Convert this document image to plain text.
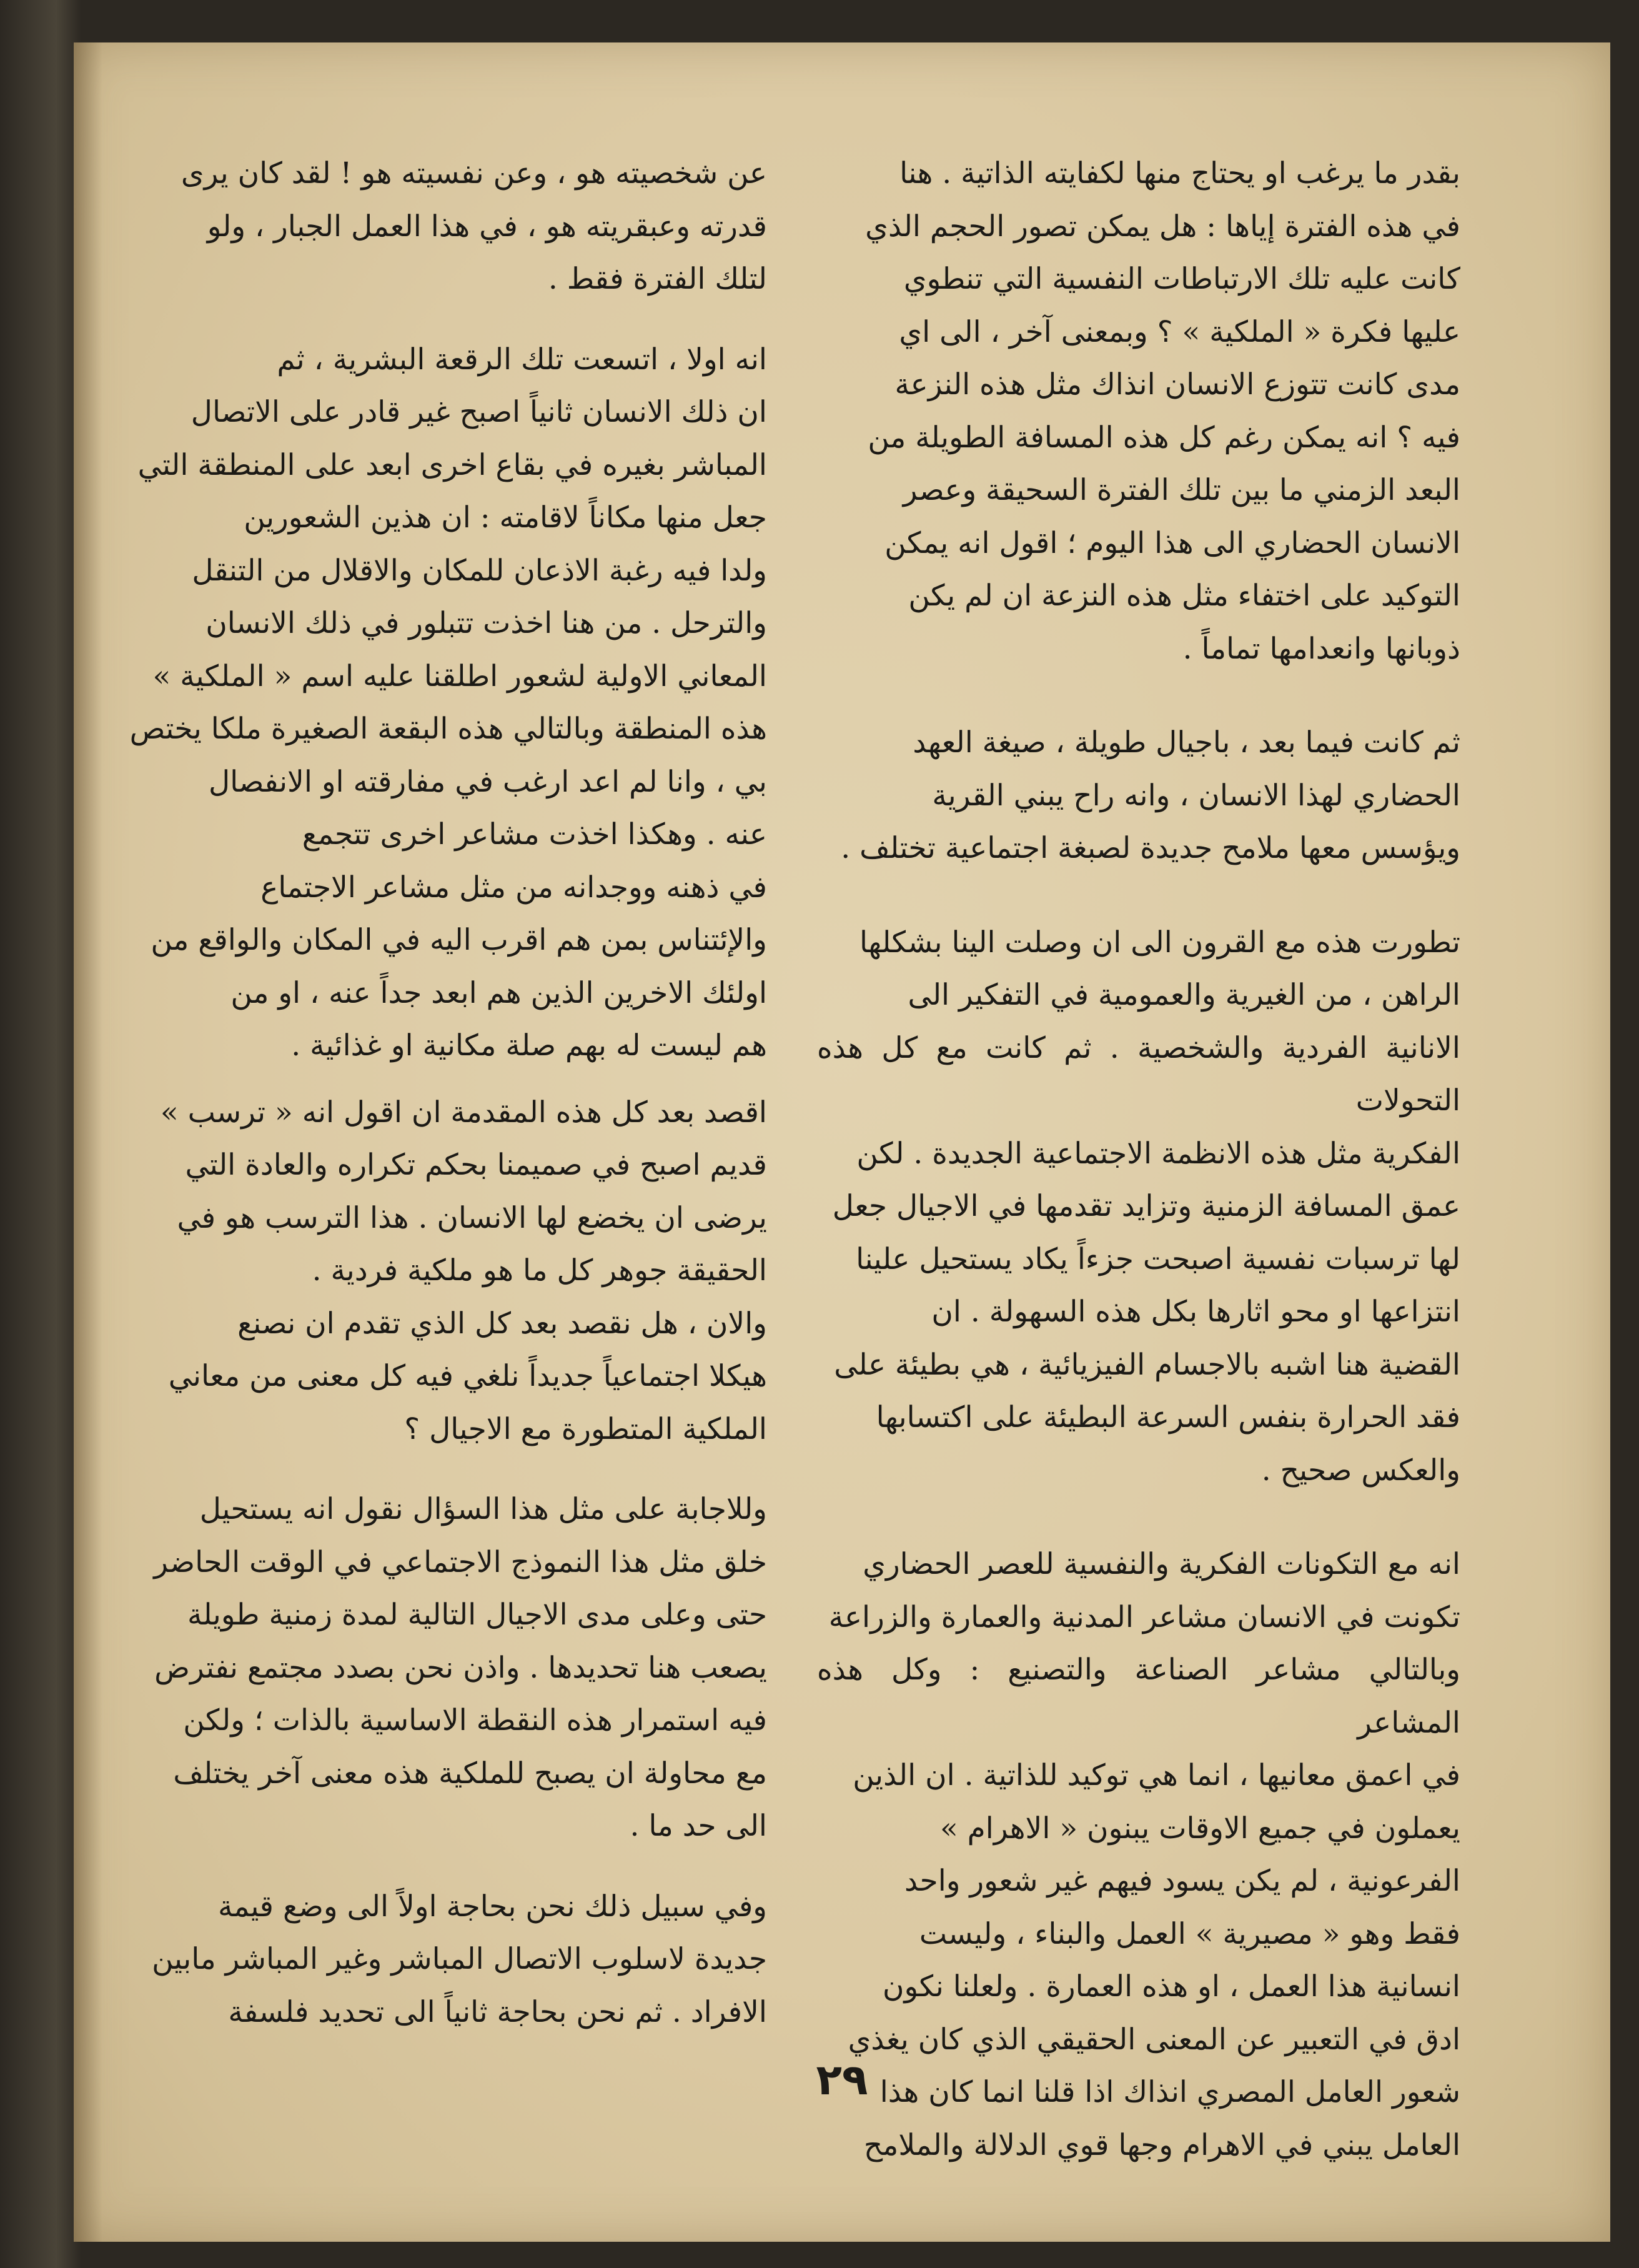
بقدر ما يرغب او يحتاج منها لكفايته الذاتية . هنا
في هذه الفترة إياها : هل يمكن تصور الحجم الذي
كانت عليه تلك الارتباطات النفسية التي تنطوي
عليها فكرة « الملكية » ؟ وبمعنى آخر ، الى اي
مدى كانت تتوزع الانسان انذاك مثل هذه النزعة
فيه ؟ انه يمكن رغم كل هذه المسافة الطويلة من
البعد الزمني ما بين تلك الفترة السحيقة وعصر
الانسان الحضاري الى هذا اليوم ؛ اقول انه يمكن
التوكيد على اختفاء مثل هذه النزعة ان لم يكن
ذوبانها وانعدامها تماماً .

ثم كانت فيما بعد ، باجيال طويلة ، صيغة العهد
الحضاري لهذا الانسان ، وانه راح يبني القرية
ويؤسس معها ملامح جديدة لصبغة اجتماعية تختلف .

تطورت هذه مع القرون الى ان وصلت الينا بشكلها
الراهن ، من الغيرية والعمومية في التفكير الى
الانانية الفردية والشخصية . ثم كانت مع كل هذه التحولات
الفكرية مثل هذه الانظمة الاجتماعية الجديدة . لكن
عمق المسافة الزمنية وتزايد تقدمها في الاجيال جعل
لها ترسبات نفسية اصبحت جزءاً يكاد يستحيل علينا
انتزاعها او محو اثارها بكل هذه السهولة . ان
القضية هنا اشبه بالاجسام الفيزيائية ، هي بطيئة على
فقد الحرارة بنفس السرعة البطيئة على اكتسابها
والعكس صحيح .

انه مع التكونات الفكرية والنفسية للعصر الحضاري
تكونت في الانسان مشاعر المدنية والعمارة والزراعة
وبالتالي مشاعر الصناعة والتصنيع : وكل هذه المشاعر
في اعمق معانيها ، انما هي توكيد للذاتية . ان الذين
يعملون في جميع الاوقات يبنون « الاهرام »
الفرعونية ، لم يكن يسود فيهم غير شعور واحد
فقط وهو « مصيرية » العمل والبناء ، وليست
انسانية هذا العمل ، او هذه العمارة . ولعلنا نكون
ادق في التعبير عن المعنى الحقيقي الذي كان يغذي
شعور العامل المصري انذاك اذا قلنا انما كان هذا
العامل يبني في الاهرام وجها قوي الدلالة والملامح

عن شخصيته هو ، وعن نفسيته هو ! لقد كان يرى
قدرته وعبقريته هو ، في هذا العمل الجبار ، ولو
لتلك الفترة فقط .

انه اولا ، اتسعت تلك الرقعة البشرية ، ثم
ان ذلك الانسان ثانياً اصبح غير قادر على الاتصال
المباشر بغيره في بقاع اخرى ابعد على المنطقة التي
جعل منها مكاناً لاقامته : ان هذين الشعورين
ولدا فيه رغبة الاذعان للمكان والاقلال من التنقل
والترحل . من هنا اخذت تتبلور في ذلك الانسان
المعاني الاولية لشعور اطلقنا عليه اسم « الملكية »
هذه المنطقة وبالتالي هذه البقعة الصغيرة ملكا يختص
بي ، وانا لم اعد ارغب في مفارقته او الانفصال
عنه . وهكذا اخذت مشاعر اخرى تتجمع
في ذهنه ووجدانه من مثل مشاعر الاجتماع
والإئتناس بمن هم اقرب اليه في المكان والواقع من
اولئك الاخرين الذين هم ابعد جداً عنه ، او من
هم ليست له بهم صلة مكانية او غذائية .

اقصد بعد كل هذه المقدمة ان اقول انه « ترسب »
قديم اصبح في صميمنا بحكم تكراره والعادة التي
يرضى ان يخضع لها الانسان . هذا الترسب هو في
الحقيقة جوهر كل ما هو ملكية فردية .

والان ، هل نقصد بعد كل الذي تقدم ان نصنع
هيكلا اجتماعياً جديداً نلغي فيه كل معنى من معاني
الملكية المتطورة مع الاجيال ؟

وللاجابة على مثل هذا السؤال نقول انه يستحيل
خلق مثل هذا النموذج الاجتماعي في الوقت الحاضر
حتى وعلى مدى الاجيال التالية لمدة زمنية طويلة
يصعب هنا تحديدها . واذن نحن بصدد مجتمع نفترض
فيه استمرار هذه النقطة الاساسية بالذات ؛ ولكن
مع محاولة ان يصبح للملكية هذه معنى آخر يختلف
الى حد ما .

وفي سبيل ذلك نحن بحاجة اولاً الى وضع قيمة
جديدة لاسلوب الاتصال المباشر وغير المباشر مابين
الافراد . ثم نحن بحاجة ثانياً الى تحديد فلسفة

٢٩
